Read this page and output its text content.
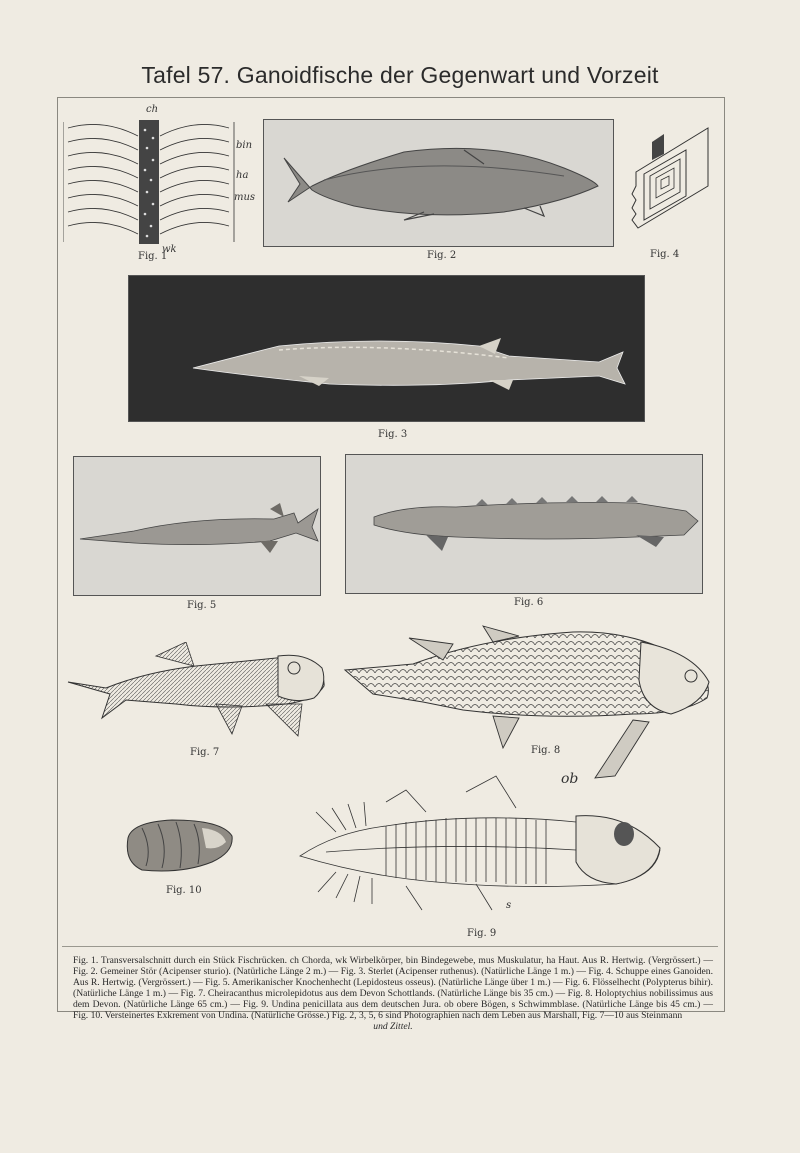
Tafel 57. Ganoidfische der Gegenwart und Vorzeit
ch
bin
ha
mus
wk
Fig. 1	Fig. 2	Fig. 4
Fig. 3
Fig. 5	Fig. 6
Fig. 7	Fig. 8
ob
s
Fig. 9
Fig. 10
Fig. 1. Transversalschnitt durch ein Stück Fischrücken. ch Chorda, wk Wirbelkörper, bin Bindegewebe, mus Muskulatur, ha Haut. Aus R. Hertwig. (Vergrössert.) — Fig. 2. Gemeiner Stör (Acipenser sturio). (Natürliche Länge 2 m.) — Fig. 3. Sterlet (Acipenser ruthenus). (Natürliche Länge 1 m.) — Fig. 4. Schuppe eines Ganoiden. Aus R. Hertwig. (Vergrössert.) — Fig. 5. Amerikanischer Knochenhecht (Lepidosteus osseus). (Natürliche Länge über 1 m.) — Fig. 6. Flösselhecht (Polypterus bihir). (Natürliche Länge 1 m.) — Fig. 7. Cheiracanthus microlepidotus aus dem Devon Schottlands. (Natürliche Länge bis 35 cm.) — Fig. 8. Holoptychius nobilissimus aus dem Devon. (Natürliche Länge 65 cm.) — Fig. 9. Undina penicillata aus dem deutschen Jura. ob obere Bögen, s Schwimmblase. (Natürliche Länge bis 45 cm.) — Fig. 10. Versteinertes Exkrement von Undina. (Natürliche Grösse.) Fig. 2, 3, 5, 6 sind Photographien nach dem Leben aus Marshall, Fig. 7—10 aus Steinmann
und Zittel.
